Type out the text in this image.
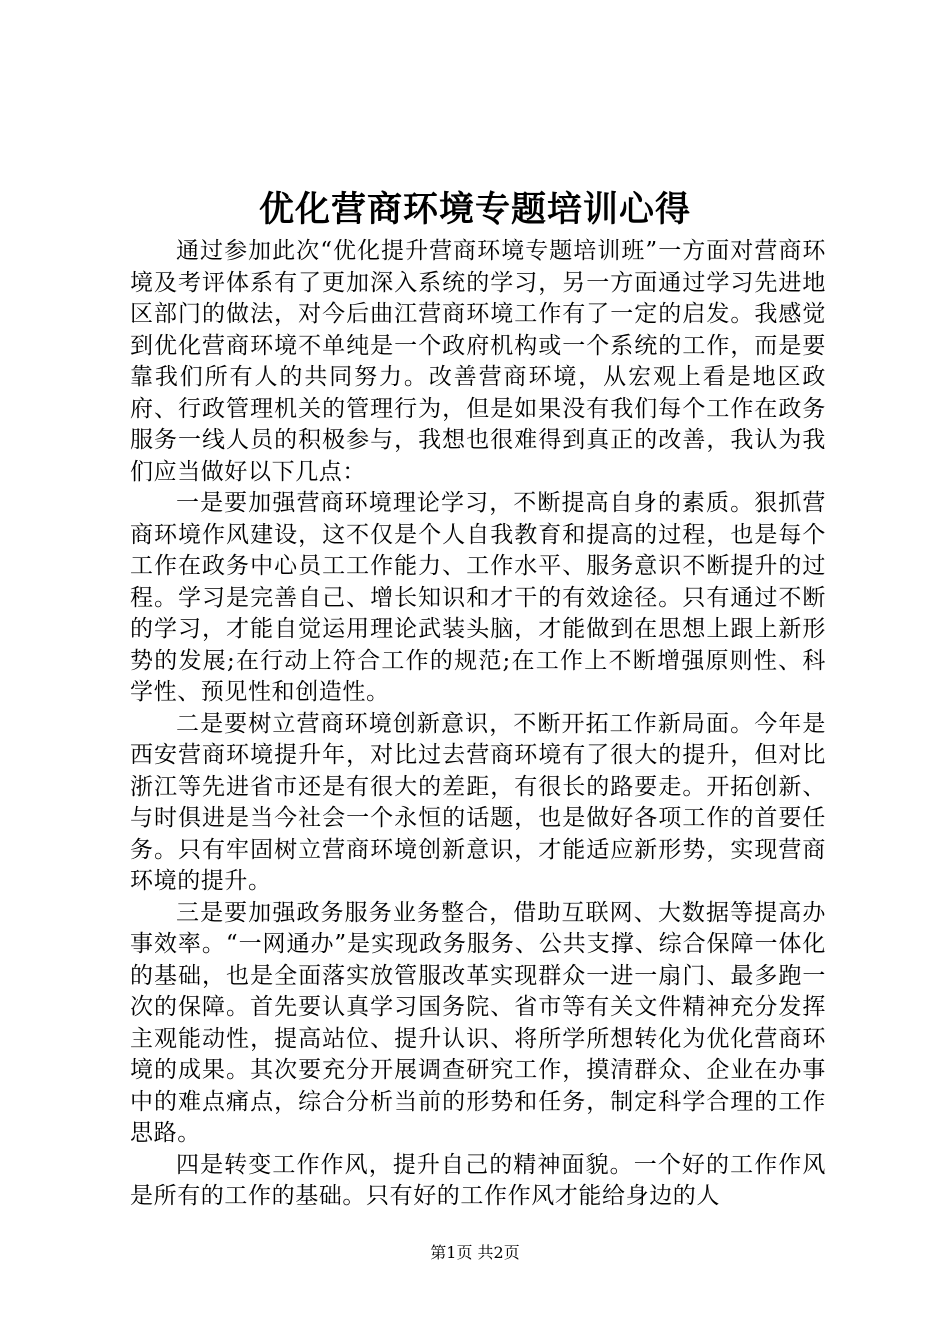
优化营商环境专题培训心得

通过参加此次“优化提升营商环境专题培训班”一方面对营商环境及考评体系有了更加深入系统的学习，另一方面通过学习先进地区部门的做法，对今后曲江营商环境工作有了一定的启发。我感觉到优化营商环境不单纯是一个政府机构或一个系统的工作，而是要靠我们所有人的共同努力。改善营商环境，从宏观上看是地区政府、行政管理机关的管理行为，但是如果没有我们每个工作在政务服务一线人员的积极参与，我想也很难得到真正的改善，我认为我们应当做好以下几点：

一是要加强营商环境理论学习，不断提高自身的素质。狠抓营商环境作风建设，这不仅是个人自我教育和提高的过程，也是每个工作在政务中心员工工作能力、工作水平、服务意识不断提升的过程。学习是完善自己、增长知识和才干的有效途径。只有通过不断的学习，才能自觉运用理论武装头脑，才能做到在思想上跟上新形势的发展;在行动上符合工作的规范;在工作上不断增强原则性、科学性、预见性和创造性。

二是要树立营商环境创新意识，不断开拓工作新局面。今年是西安营商环境提升年，对比过去营商环境有了很大的提升，但对比浙江等先进省市还是有很大的差距，有很长的路要走。开拓创新、与时俱进是当今社会一个永恒的话题，也是做好各项工作的首要任务。只有牢固树立营商环境创新意识，才能适应新形势，实现营商环境的提升。

三是要加强政务服务业务整合，借助互联网、大数据等提高办事效率。“一网通办”是实现政务服务、公共支撑、综合保障一体化的基础，也是全面落实放管服改革实现群众一进一扇门、最多跑一次的保障。首先要认真学习国务院、省市等有关文件精神充分发挥主观能动性，提高站位、提升认识、将所学所想转化为优化营商环境的成果。其次要充分开展调查研究工作，摸清群众、企业在办事中的难点痛点，综合分析当前的形势和任务，制定科学合理的工作思路。

四是转变工作作风，提升自己的精神面貌。一个好的工作作风是所有的工作的基础。只有好的工作作风才能给身边的人

第1页 共2页
